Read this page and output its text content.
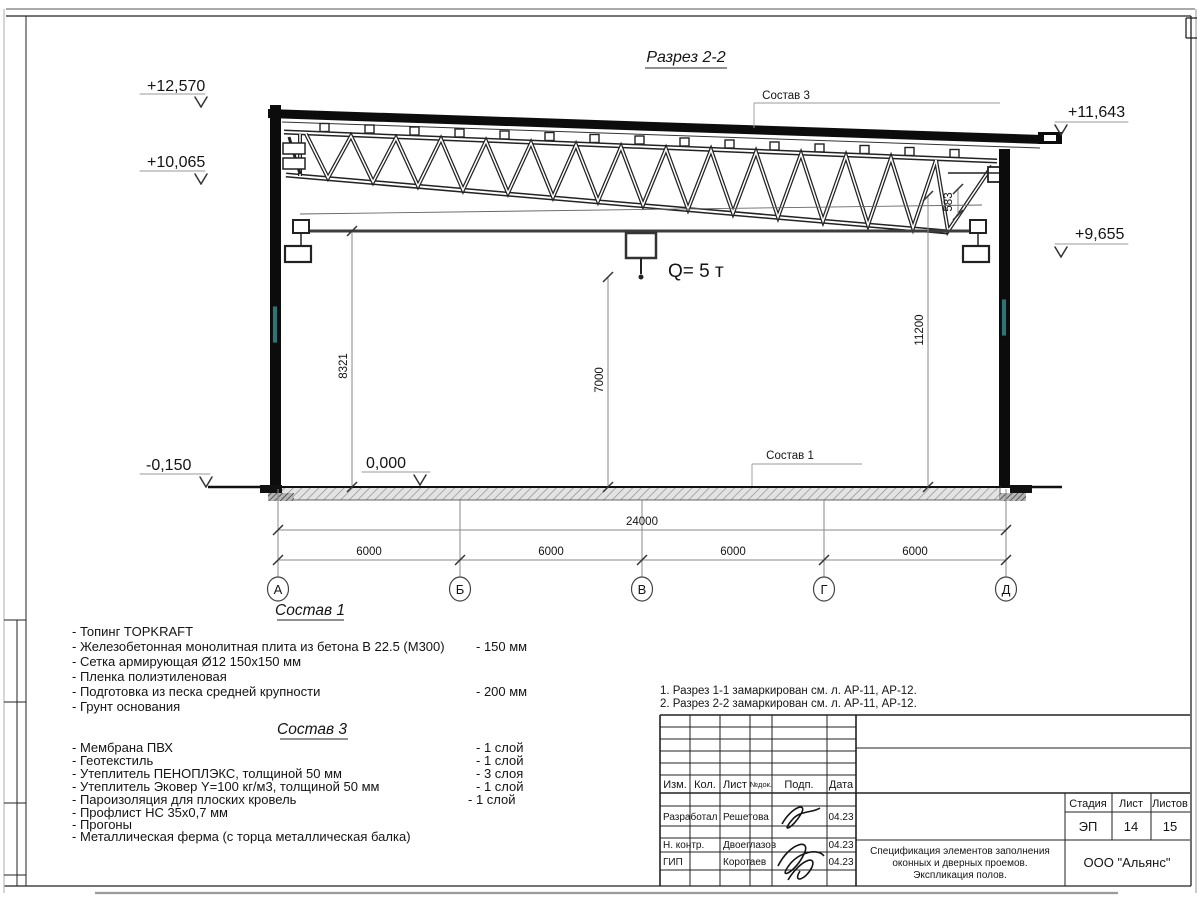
Разрез 2-2
Q= 5 т
8321
7000
11200
583
+12,570
+10,065
+11,643
+9,655
-0,150	0,000
Состав 3
Состав 1
24000
6000	6000	6000	6000
А	Б	В	Г	Д
Состав 1
- Топинг TOPKRAFT
- Железобетонная монолитная плита из бетона В 22.5 (М300) - 150 мм
- Сетка армирующая Ø12 150х150 мм
- Пленка полиэтиленовая
- Подготовка из песка средней крупности	- 200 мм
- Грунт основания
Состав 3
- Мембрана ПВХ	- 1 слой
- Геотекстиль	- 1 слой
- Утеплитель ПЕНОПЛЭКС, толщиной 50 мм	- 3 слоя
- Утеплитель Эковер Y=100 кг/м3, толщиной 50 мм	- 1 слой
- Пароизоляция для плоских кровель	- 1 слой
- Профлист НС 35х0,7 мм
- Прогоны
- Металлическая ферма (с торца металлическая балка)
1. Разрез 1-1 замаркирован см. л. АР-11, АР-12.
2. Разрез 2-2 замаркирован см. л. АР-11, АР-12.
Изм. Кол. Лист №док. Подп. Дата
Разработал Решетова	04.23
Н. контр. Двоеглазов	04.23
ГИП	Коротаев	04.23
Стадия Лист Листов
ЭП 14 15
Спецификация элементов заполнения
оконных и дверных проемов.
Экспликация полов.
ООО "Альянс"
